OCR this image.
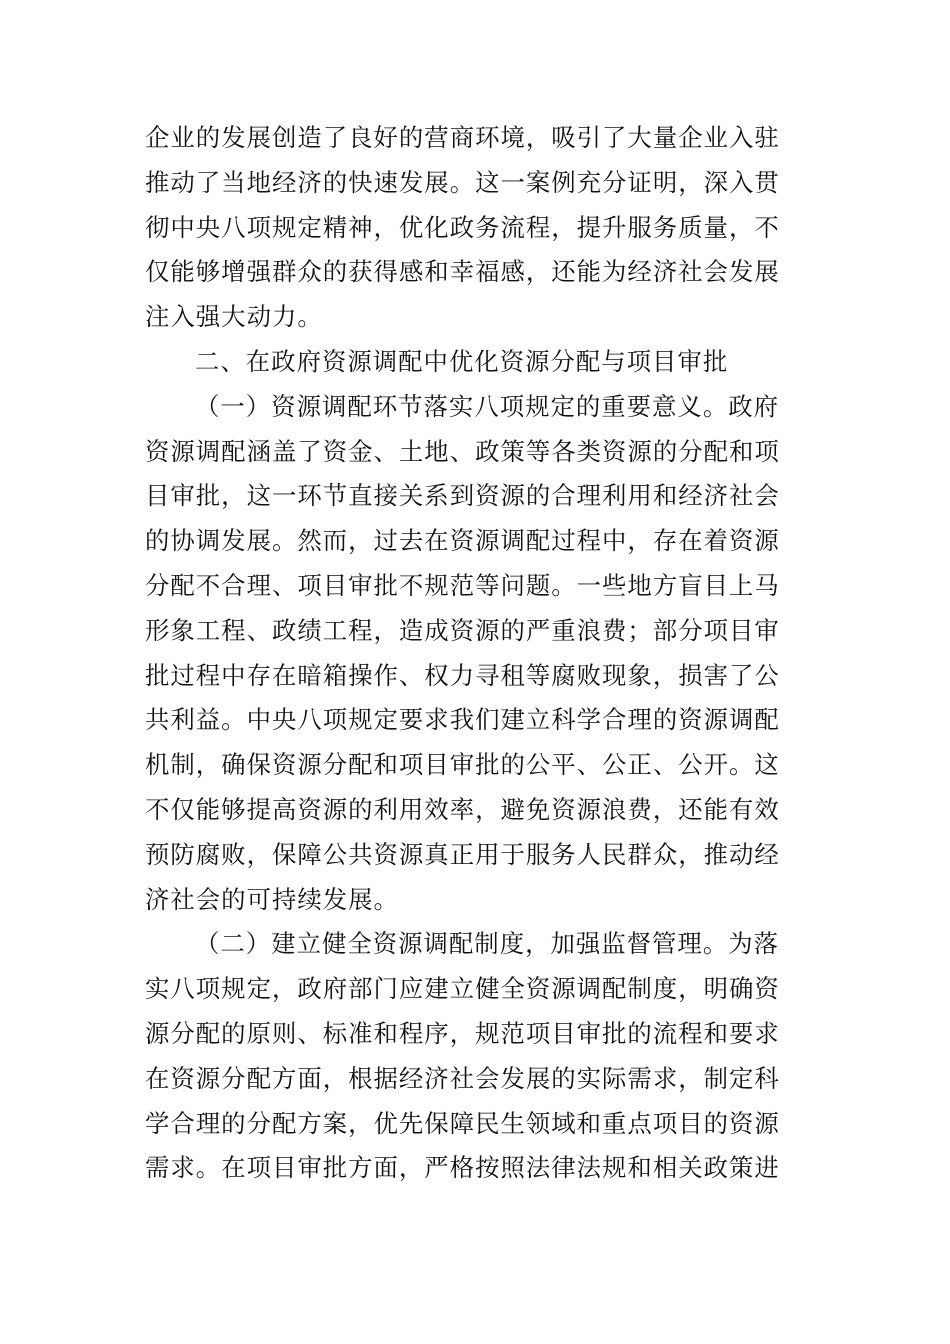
企业的发展创造了良好的营商环境，吸引了大量企业入驻
推动了当地经济的快速发展。这一案例充分证明，深入贯
彻中央八项规定精神，优化政务流程，提升服务质量，不
仅能够增强群众的获得感和幸福感，还能为经济社会发展
注入强大动力。
二、在政府资源调配中优化资源分配与项目审批
（一）资源调配环节落实八项规定的重要意义。政府
资源调配涵盖了资金、土地、政策等各类资源的分配和项
目审批，这一环节直接关系到资源的合理利用和经济社会
的协调发展。然而，过去在资源调配过程中，存在着资源
分配不合理、项目审批不规范等问题。一些地方盲目上马
形象工程、政绩工程，造成资源的严重浪费；部分项目审
批过程中存在暗箱操作、权力寻租等腐败现象，损害了公
共利益。中央八项规定要求我们建立科学合理的资源调配
机制，确保资源分配和项目审批的公平、公正、公开。这
不仅能够提高资源的利用效率，避免资源浪费，还能有效
预防腐败，保障公共资源真正用于服务人民群众，推动经
济社会的可持续发展。
（二）建立健全资源调配制度，加强监督管理。为落
实八项规定，政府部门应建立健全资源调配制度，明确资
源分配的原则、标准和程序，规范项目审批的流程和要求
在资源分配方面，根据经济社会发展的实际需求，制定科
学合理的分配方案，优先保障民生领域和重点项目的资源
需求。在项目审批方面，严格按照法律法规和相关政策进
